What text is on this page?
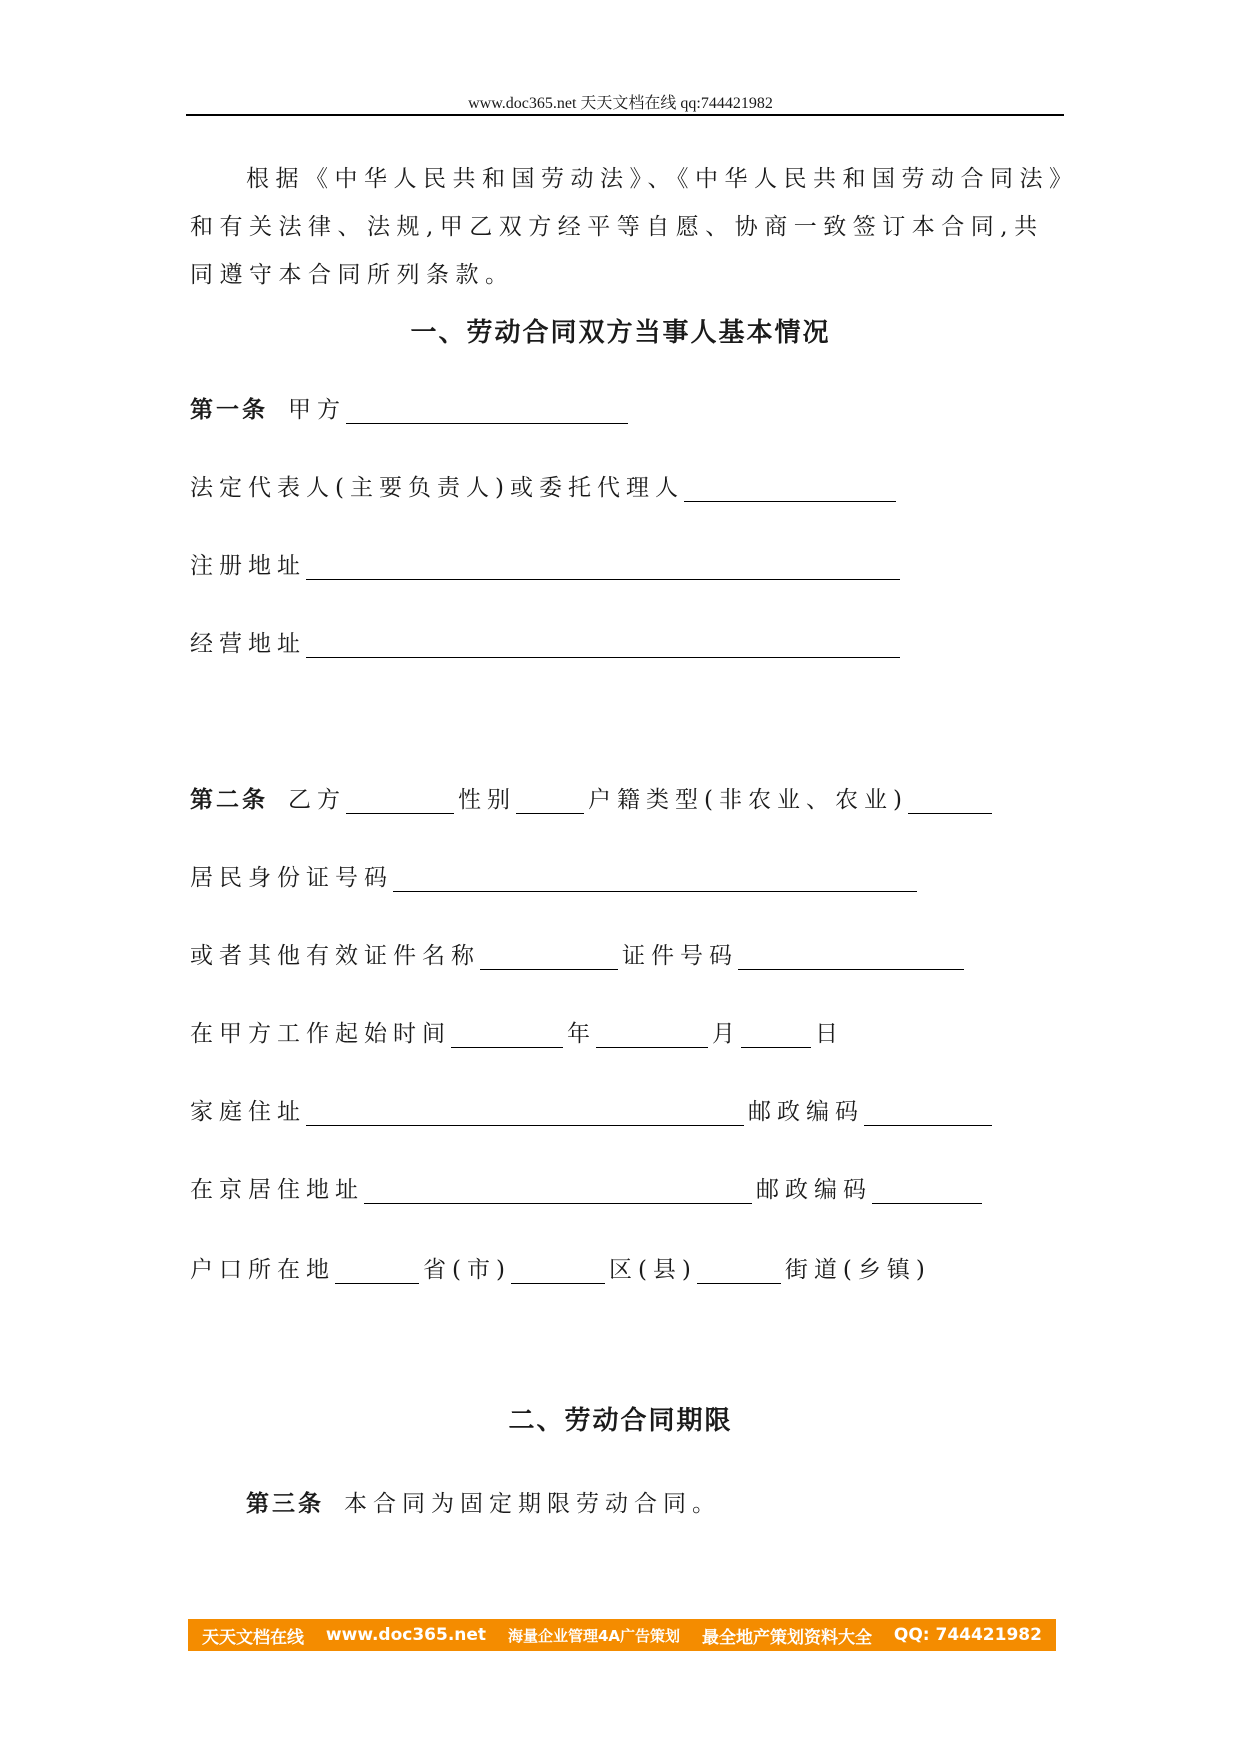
www.doc365.net 天天文档在线 qq:744421982
根据《中华人民共和国劳动法》、《中华人民共和国劳动合同法》和有关法律、法规,甲乙双方经平等自愿、协商一致签订本合同,共同遵守本合同所列条款。
一、劳动合同双方当事人基本情况
第一条 甲方
法定代表人(主要负责人)或委托代理人
注册地址
经营地址
第二条 乙方	性别	户籍类型(非农业、农业)
居民身份证号码
或者其他有效证件名称	证件号码
在甲方工作起始时间	年	月	日
家庭住址	邮政编码
在京居住地址	邮政编码
户口所在地	省(市)	区(县)	街道(乡镇)
二、劳动合同期限
第三条 本合同为固定期限劳动合同。
天天文档在线 www.doc365.net 海量企业管理4A广告策划 最全地产策划资料大全 QQ: 744421982
